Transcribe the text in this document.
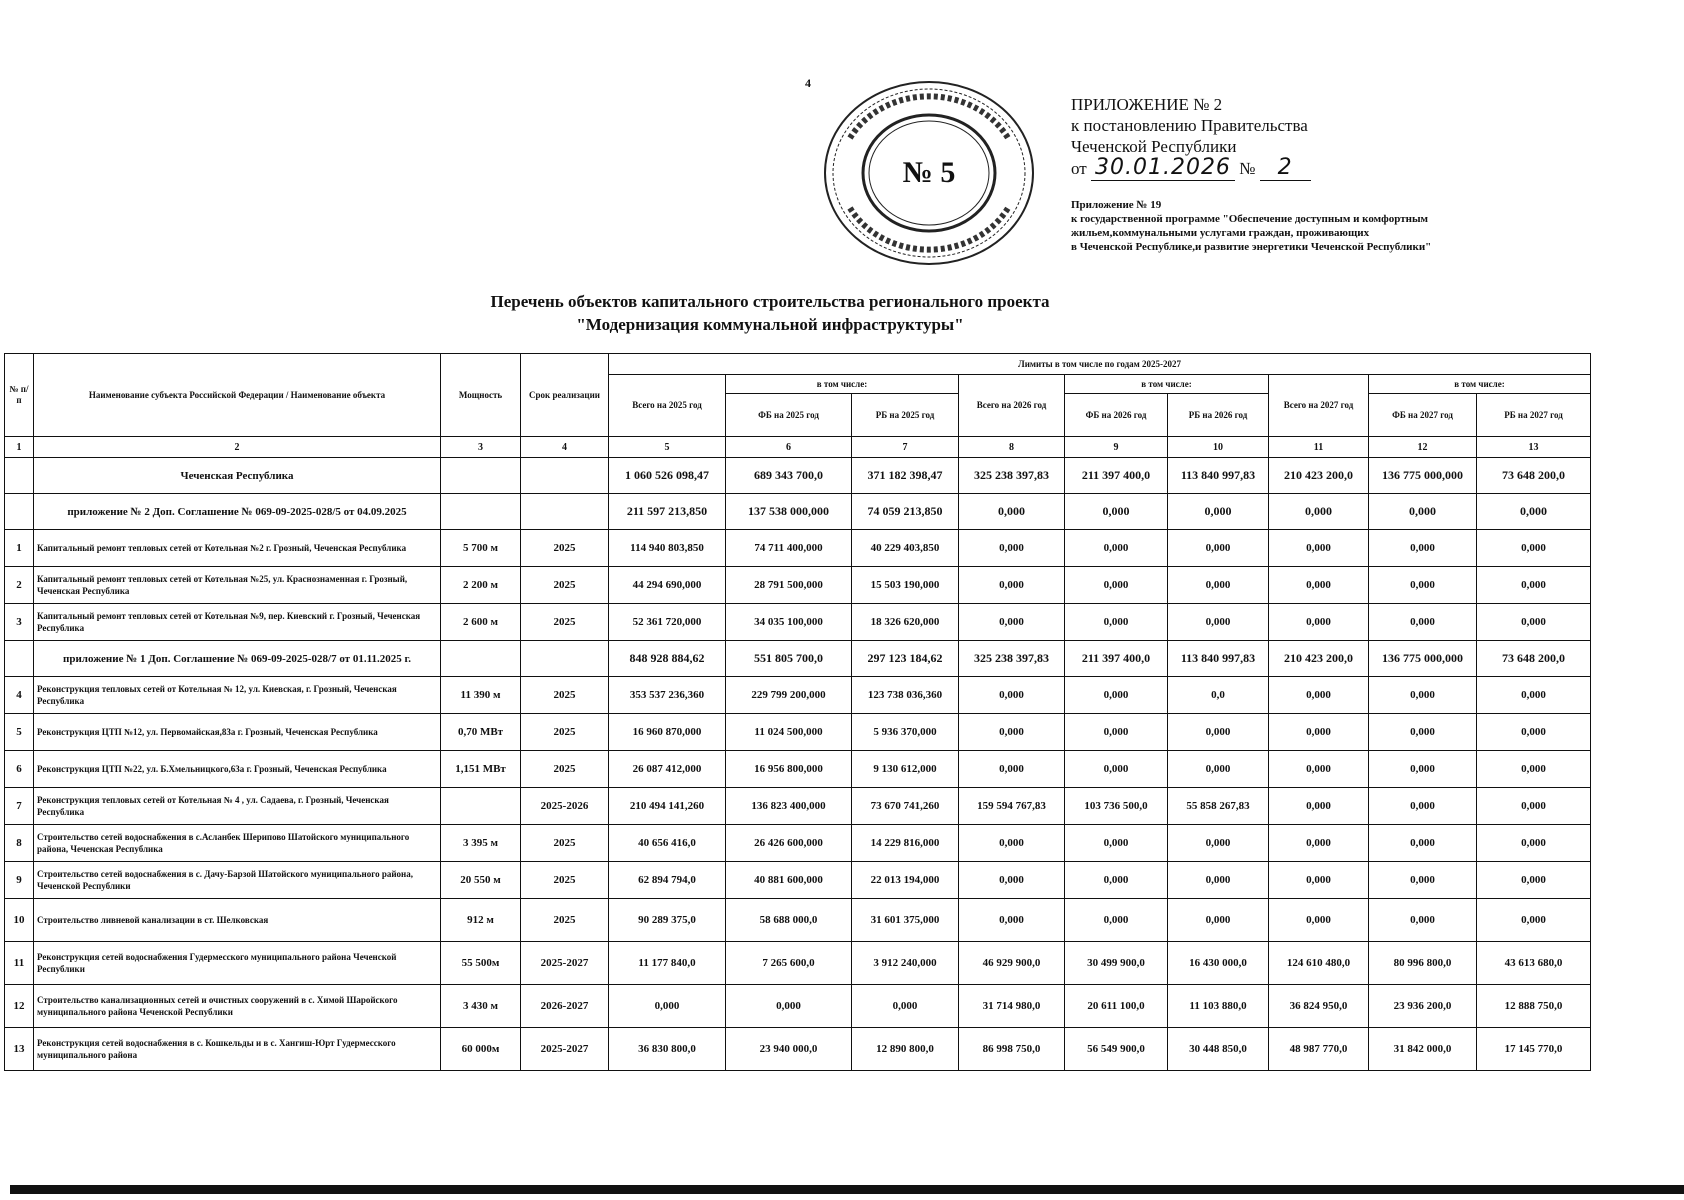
4
№ 5
ПРИЛОЖЕНИЕ № 2
к постановлению Правительства
Чеченской Республики
от 30.01.2026 № 2
Приложение № 19
к государственной программе "Обеспечение доступным и комфортным
жильем,коммунальными услугами граждан, проживающих
в Чеченской Республике,и развитие энергетики Чеченской Республики"
Перечень объектов капитального строительства регионального проекта
"Модернизация коммунальной инфраструктуры"
№ п/п	Наименование субъекта Российской Федерации / Наименование объекта	Мощность	Срок реализации	Лимиты в том числе по годам 2025-2027								
				Всего на 2025 год	в том числе:		Всего на 2026 год	в том числе:		Всего на 2027 год	в том числе:	
					ФБ на 2025 год	РБ на 2025 год		ФБ на 2026 год	РБ на 2026 год		ФБ на 2027 год	РБ на 2027 год
1	2	3	4	5	6	7	8	9	10	11	12	13
	Чеченская Республика			1 060 526 098,47	689 343 700,0	371 182 398,47	325 238 397,83	211 397 400,0	113 840 997,83	210 423 200,0	136 775 000,000	73 648 200,0
	приложение № 2 Доп. Соглашение № 069-09-2025-028/5 от 04.09.2025			211 597 213,850	137 538 000,000	74 059 213,850	0,000	0,000	0,000	0,000	0,000	0,000
1	Капитальный ремонт тепловых сетей от Котельная №2 г. Грозный, Чеченская Республика	5 700 м	2025	114 940 803,850	74 711 400,000	40 229 403,850	0,000	0,000	0,000	0,000	0,000	0,000
2	Капитальный ремонт тепловых сетей от Котельная №25, ул. Краснознаменная г. Грозный, Чеченская Республика	2 200 м	2025	44 294 690,000	28 791 500,000	15 503 190,000	0,000	0,000	0,000	0,000	0,000	0,000
3	Капитальный ремонт тепловых сетей от Котельная №9, пер. Киевский г. Грозный, Чеченская Республика	2 600 м	2025	52 361 720,000	34 035 100,000	18 326 620,000	0,000	0,000	0,000	0,000	0,000	0,000
	приложение № 1 Доп. Соглашение № 069-09-2025-028/7 от 01.11.2025 г.			848 928 884,62	551 805 700,0	297 123 184,62	325 238 397,83	211 397 400,0	113 840 997,83	210 423 200,0	136 775 000,000	73 648 200,0
4	Реконструкция тепловых сетей от Котельная № 12, ул. Киевская, г. Грозный, Чеченская Республика	11 390 м	2025	353 537 236,360	229 799 200,000	123 738 036,360	0,000	0,000	0,0	0,000	0,000	0,000
5	Реконструкция ЦТП №12, ул. Первомайская,83а г. Грозный, Чеченская Республика	0,70 МВт	2025	16 960 870,000	11 024 500,000	5 936 370,000	0,000	0,000	0,000	0,000	0,000	0,000
6	Реконструкция ЦТП №22, ул. Б.Хмельницкого,63а г. Грозный, Чеченская Республика	1,151 МВт	2025	26 087 412,000	16 956 800,000	9 130 612,000	0,000	0,000	0,000	0,000	0,000	0,000
7	Реконструкция тепловых сетей от Котельная № 4 , ул. Садаева, г. Грозный, Чеченская Республика		2025-2026	210 494 141,260	136 823 400,000	73 670 741,260	159 594 767,83	103 736 500,0	55 858 267,83	0,000	0,000	0,000
8	Строительство сетей водоснабжения в с.Асланбек Шерипово Шатойского муниципального района, Чеченская Республика	3 395 м	2025	40 656 416,0	26 426 600,000	14 229 816,000	0,000	0,000	0,000	0,000	0,000	0,000
9	Строительство сетей водоснабжения в с. Дачу-Барзой Шатойского муниципального района, Чеченской Республики	20 550 м	2025	62 894 794,0	40 881 600,000	22 013 194,000	0,000	0,000	0,000	0,000	0,000	0,000
10	Строительство ливневой канализации в ст. Шелковская	912 м	2025	90 289 375,0	58 688 000,0	31 601 375,000	0,000	0,000	0,000	0,000	0,000	0,000
11	Реконструкция сетей водоснабжения Гудермесского муниципального района Чеченской Республики	55 500м	2025-2027	11 177 840,0	7 265 600,0	3 912 240,000	46 929 900,0	30 499 900,0	16 430 000,0	124 610 480,0	80 996 800,0	43 613 680,0
12	Строительство канализационных сетей и очистных сооружений в с. Химой Шаройского муниципального района Чеченской Республики	3 430 м	2026-2027	0,000	0,000	0,000	31 714 980,0	20 611 100,0	11 103 880,0	36 824 950,0	23 936 200,0	12 888 750,0
13	Реконструкция сетей водоснабжения в с. Кошкельды и в с. Хангиш-Юрт Гудермесского муниципального района	60 000м	2025-2027	36 830 800,0	23 940 000,0	12 890 800,0	86 998 750,0	56 549 900,0	30 448 850,0	48 987 770,0	31 842 000,0	17 145 770,0
